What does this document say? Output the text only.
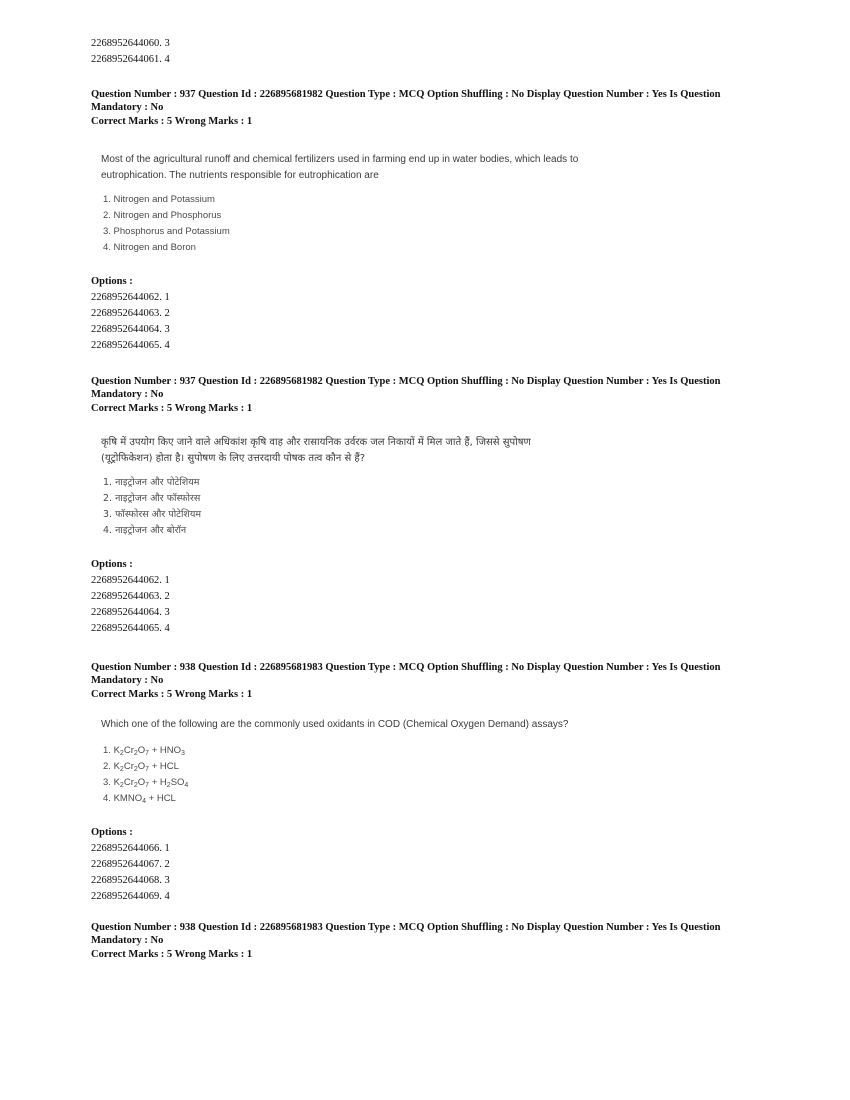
2268952644060. 3
2268952644061. 4
Question Number : 937 Question Id : 226895681982 Question Type : MCQ Option Shuffling : No Display Question Number : Yes Is Question Mandatory : No
Correct Marks : 5 Wrong Marks : 1
Most of the agricultural runoff and chemical fertilizers used in farming end up in water bodies, which leads to
eutrophication. The nutrients responsible for eutrophication are
1. Nitrogen and Potassium
2. Nitrogen and Phosphorus
3. Phosphorus and Potassium
4. Nitrogen and Boron
Options :
2268952644062. 1
2268952644063. 2
2268952644064. 3
2268952644065. 4
Question Number : 937 Question Id : 226895681982 Question Type : MCQ Option Shuffling : No Display Question Number : Yes Is Question Mandatory : No
Correct Marks : 5 Wrong Marks : 1
कृषि में उपयोग किए जाने वाले अधिकांश कृषि वाह और रासायनिक उर्वरक जल निकायों में मिल जाते हैं, जिससे सुपोषण
(यूट्रोफिकेशन) होता है। सुपोषण के लिए उत्तरदायी पोषक तत्व कौन से हैं?
1. नाइट्रोजन और पोटेशियम
2. नाइट्रोजन और फॉस्फोरस
3. फॉस्फोरस और पोटेशियम
4. नाइट्रोजन और बोरॉन
Options :
2268952644062. 1
2268952644063. 2
2268952644064. 3
2268952644065. 4
Question Number : 938 Question Id : 226895681983 Question Type : MCQ Option Shuffling : No Display Question Number : Yes Is Question Mandatory : No
Correct Marks : 5 Wrong Marks : 1
Which one of the following are the commonly used oxidants in COD (Chemical Oxygen Demand) assays?
1. $K_2Cr_2O_7 + HNO_3$
2. $K_2Cr_2O_7$ + HCL
3. $K_2Cr_2O_7 + H_2SO_4$
4. $KMNO_4$ + HCL
Options :
2268952644066. 1
2268952644067. 2
2268952644068. 3
2268952644069. 4
Question Number : 938 Question Id : 226895681983 Question Type : MCQ Option Shuffling : No Display Question Number : Yes Is Question Mandatory : No
Correct Marks : 5 Wrong Marks : 1
